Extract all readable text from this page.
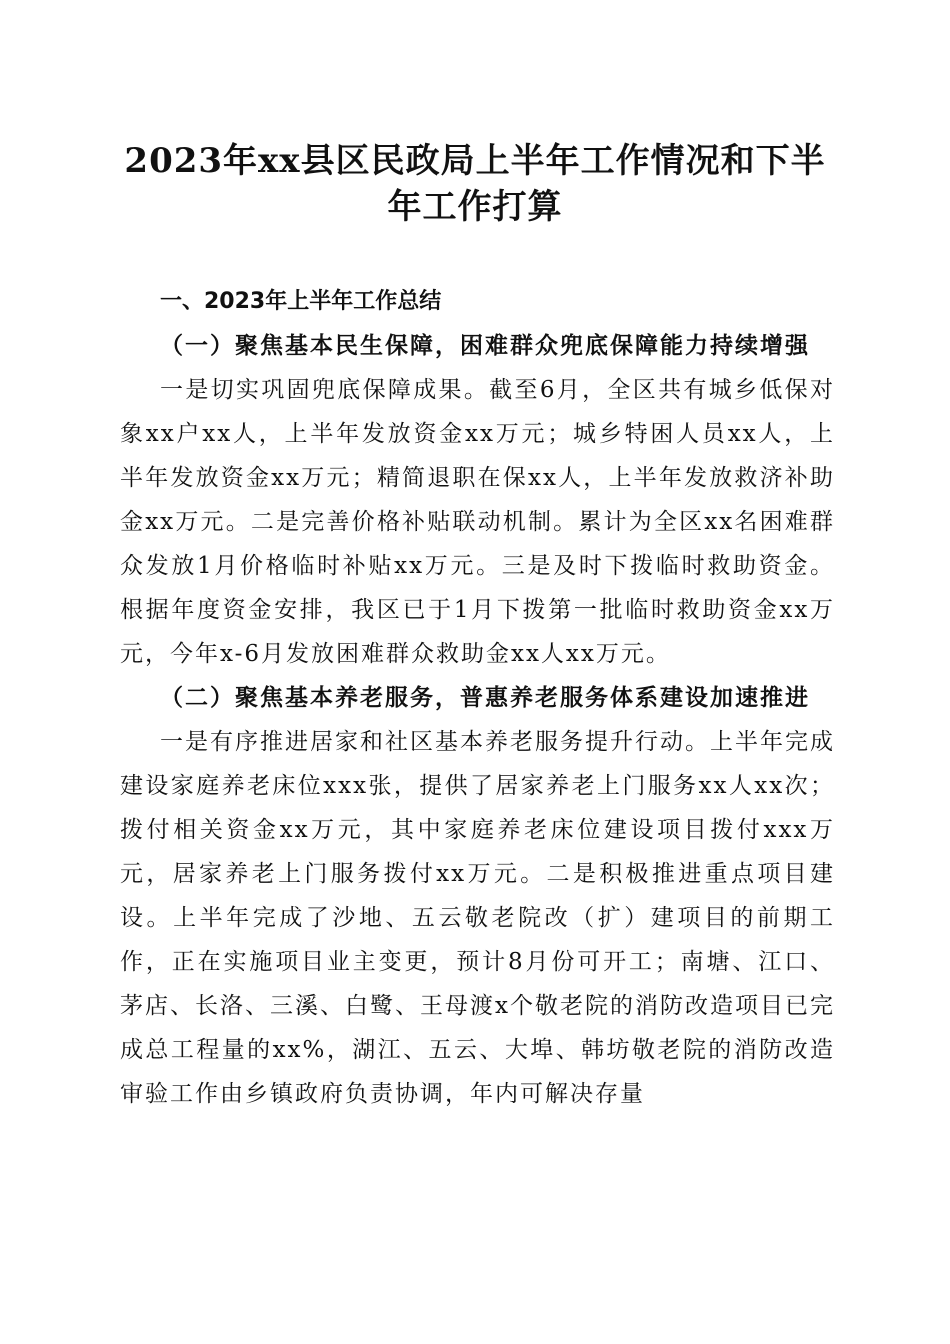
2023年xx县区民政局上半年工作情况和下半
年工作打算

一、2023年上半年工作总结

（一）聚焦基本民生保障，困难群众兜底保障能力持续增强

一是切实巩固兜底保障成果。截至6月，全区共有城乡低保对象xx户xx人，上半年发放资金xx万元；城乡特困人员xx人，上半年发放资金xx万元；精简退职在保xx人，上半年发放救济补助金xx万元。二是完善价格补贴联动机制。累计为全区xx名困难群众发放1月价格临时补贴xx万元。三是及时下拨临时救助资金。根据年度资金安排，我区已于1月下拨第一批临时救助资金xx万元，今年x-6月发放困难群众救助金xx人xx万元。

（二）聚焦基本养老服务，普惠养老服务体系建设加速推进

一是有序推进居家和社区基本养老服务提升行动。上半年完成建设家庭养老床位xxx张，提供了居家养老上门服务xx人xx次；拨付相关资金xx万元，其中家庭养老床位建设项目拨付xxx万元，居家养老上门服务拨付xx万元。二是积极推进重点项目建设。上半年完成了沙地、五云敬老院改（扩）建项目的前期工作，正在实施项目业主变更，预计8月份可开工；南塘、江口、茅店、长洛、三溪、白鹭、王母渡x个敬老院的消防改造项目已完成总工程量的xx%，湖江、五云、大埠、韩坊敬老院的消防改造审验工作由乡镇政府负责协调，年内可解决存量
